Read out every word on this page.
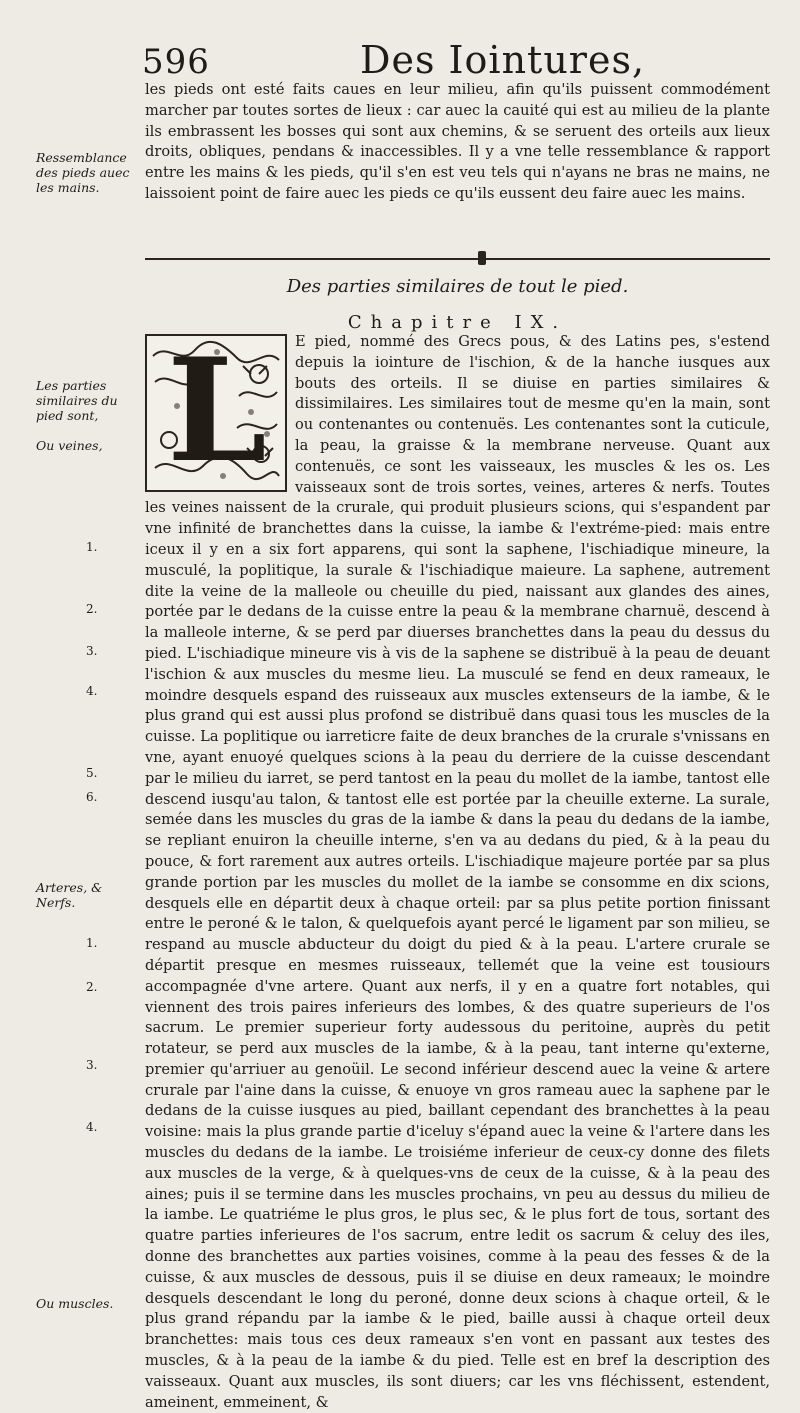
596	Des Iointures,
Ressemblance des pieds auec les mains.

les pieds ont esté faits caues en leur milieu, afin qu'ils puissent commodément marcher par toutes sortes de lieux : car auec la cauité qui est au milieu de la plante ils embrassent les bosses qui sont aux chemins, & se seruent des orteils aux lieux droits, obliques, pendans & inaccessibles. Il y a vne telle ressemblance & rapport entre les mains & les pieds, qu'il s'en est veu tels qui n'ayans ne bras ne mains, ne laissoient point de faire auec les pieds ce qu'ils eussent deu faire auec les mains.

Des parties similaires de tout le pied.
Chapitre IX.
Les parties similaires du pied sont,
Ou veines,
Arteres, & Nerfs.
Ou muscles.
1.
2.
3.
4.
5.
6.
1.
2.
3.
4.
L	E pied, nommé des Grecs pous, & des Latins pes, s'estend depuis la iointure de l'ischion, & de la hanche iusques aux bouts des orteils. Il se diuise en parties similaires & dissimilaires. Les similaires tout de mesme qu'en la main, sont ou contenantes ou contenuës. Les contenantes sont la cuticule, la peau, la graisse & la membrane nerveuse. Quant aux contenuës, ce sont les vaisseaux, les muscles & les os. Les vaisseaux sont de trois sortes, veines, arteres & nerfs. Toutes les veines naissent de la crurale, qui produit plusieurs scions, qui s'espandent par vne infinité de branchettes dans la cuisse, la iambe & l'extréme-pied: mais entre iceux il y en a six fort apparens, qui sont la saphene, l'ischiadique mineure, la musculé, la poplitique, la surale & l'ischiadique maieure. La saphene, autrement dite la veine de la malleole ou cheuille du pied, naissant aux glandes des aines, portée par le dedans de la cuisse entre la peau & la membrane charnuë, descend à la malleole interne, & se perd par diuerses branchettes dans la peau du dessus du pied. L'ischiadique mineure vis à vis de la saphene se distribuë à la peau de deuant l'ischion & aux muscles du mesme lieu. La musculé se fend en deux rameaux, le moindre desquels espand des ruisseaux aux muscles extenseurs de la iambe, & le plus grand qui est aussi plus profond se distribuë dans quasi tous les muscles de la cuisse. La poplitique ou iarreticre faite de deux branches de la crurale s'vnissans en vne, ayant enuoyé quelques scions à la peau du derriere de la cuisse descendant par le milieu du iarret, se perd tantost en la peau du mollet de la iambe, tantost elle descend iusqu'au talon, & tantost elle est portée par la cheuille externe. La surale, semée dans les muscles du gras de la iambe & dans la peau du dedans de la iambe, se repliant enuiron la cheuille interne, s'en va au dedans du pied, & à la peau du pouce, & fort rarement aux autres orteils. L'ischiadique majeure portée par sa plus grande portion par les muscles du mollet de la iambe se consomme en dix scions, desquels elle en départit deux à chaque orteil: par sa plus petite portion finissant entre le peroné & le talon, & quelquefois ayant percé le ligament par son milieu, se respand au muscle abducteur du doigt du pied & à la peau. L'artere crurale se départit presque en mesmes ruisseaux, tellemét que la veine est tousiours accompagnée d'vne artere. Quant aux nerfs, il y en a quatre fort notables, qui viennent des trois paires inferieurs des lombes, & des quatre superieurs de l'os sacrum. Le premier superieur forty audessous du peritoine, auprès du petit rotateur, se perd aux muscles de la iambe, & à la peau, tant interne qu'externe, premier qu'arriuer au genoüil. Le second inférieur descend auec la veine & artere crurale par l'aine dans la cuisse, & enuoye vn gros rameau auec la saphene par le dedans de la cuisse iusques au pied, baillant cependant des branchettes à la peau voisine: mais la plus grande partie d'iceluy s'épand auec la veine & l'artere dans les muscles du dedans de la iambe. Le troisiéme inferieur de ceux-cy donne des filets aux muscles de la verge, & à quelques-vns de ceux de la cuisse, & à la peau des aines; puis il se termine dans les muscles prochains, vn peu au dessus du milieu de la iambe. Le quatriéme le plus gros, le plus sec, & le plus fort de tous, sortant des quatre parties inferieures de l'os sacrum, entre ledit os sacrum & celuy des iles, donne des branchettes aux parties voisines, comme à la peau des fesses & de la cuisse, & aux muscles de dessous, puis il se diuise en deux rameaux; le moindre desquels descendant le long du peroné, donne deux scions à chaque orteil, & le plus grand répandu par la iambe & le pied, baille aussi à chaque orteil deux branchettes: mais tous ces deux rameaux s'en vont en passant aux testes des muscles, & à la peau de la iambe & du pied. Telle est en bref la description des vaisseaux. Quant aux muscles, ils sont diuers; car les vns fléchissent, estendent, ameinent, emmeinent, &
